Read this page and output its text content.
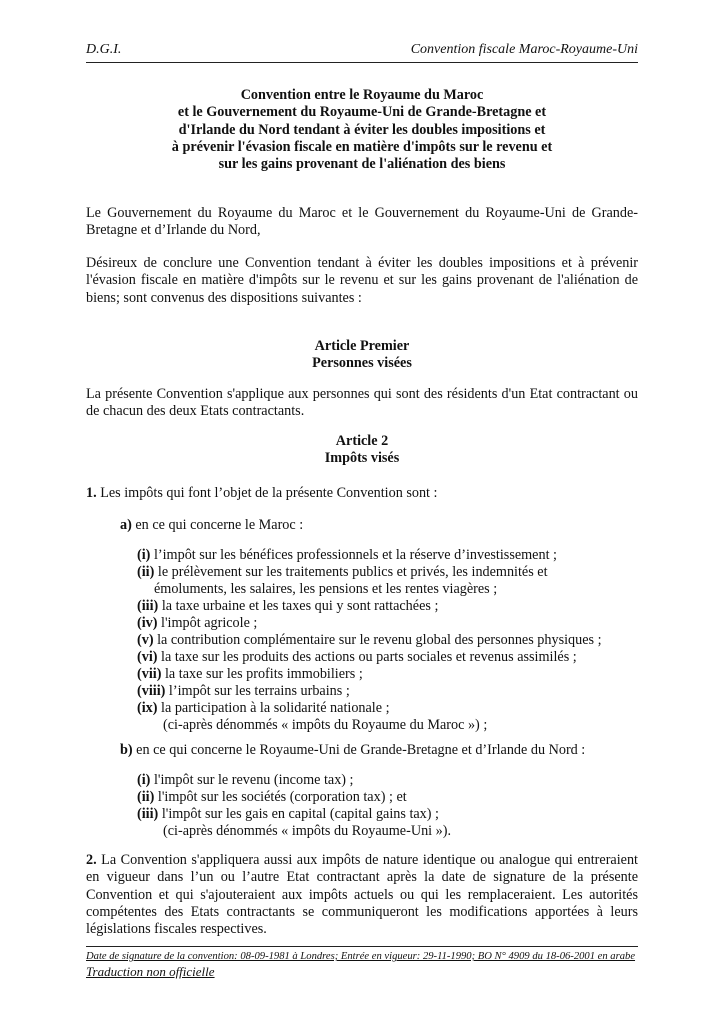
D.G.I.	Convention fiscale Maroc-Royaume-Uni
Convention entre le Royaume du Maroc
et le Gouvernement du Royaume-Uni de Grande-Bretagne et
d'Irlande du Nord tendant à éviter les doubles impositions et
à prévenir l'évasion fiscale en matière d'impôts sur le revenu et
sur les gains provenant de l'aliénation des biens
Le Gouvernement du Royaume du Maroc et le Gouvernement du Royaume-Uni de Grande-Bretagne et d’Irlande du Nord,
Désireux de conclure une Convention tendant à éviter les doubles impositions et à prévenir l'évasion fiscale en matière d'impôts sur le revenu et sur les gains provenant de l'aliénation de biens; sont convenus des dispositions suivantes :
Article Premier
Personnes visées
La présente Convention s'applique aux personnes qui sont des résidents d'un Etat contractant ou de chacun des deux Etats contractants.
Article 2
Impôts visés
1. Les impôts qui font l’objet de la présente Convention sont :
a) en ce qui concerne le Maroc :
(i) l’impôt sur les bénéfices professionnels et la réserve d’investissement ;
(ii) le prélèvement sur les traitements publics et privés, les indemnités et
émoluments, les salaires, les pensions et les rentes viagères ;
(iii) la taxe urbaine et les taxes qui y sont rattachées ;
(iv) l'impôt agricole ;
(v) la contribution complémentaire sur le revenu global des personnes physiques ;
(vi) la taxe sur les produits des actions ou parts sociales et revenus assimilés ;
(vii) la taxe sur les profits immobiliers ;
(viii) l’impôt sur les terrains urbains ;
(ix) la participation à la solidarité nationale ;
(ci-après dénommés « impôts du Royaume du Maroc ») ;
b) en ce qui concerne le Royaume-Uni de Grande-Bretagne et d’Irlande du Nord :
(i) l'impôt sur le revenu (income tax) ;
(ii) l'impôt sur les sociétés (corporation tax) ; et
(iii) l'impôt sur les gais en capital (capital gains tax) ;
(ci-après dénommés « impôts du Royaume-Uni »).
2. La Convention s'appliquera aussi aux impôts de nature identique ou analogue qui entreraient en vigueur dans l’un ou l’autre Etat contractant après la date de signature de la présente Convention et qui s'ajouteraient aux impôts actuels ou qui les remplaceraient. Les autorités compétentes des Etats contractants se communiqueront les modifications apportées à leurs législations fiscales respectives.
Date de signature de la convention: 08-09-1981 à Londres; Entrée en vigueur: 29-11-1990; BO N° 4909 du 18-06-2001 en arabe
Traduction non officielle
